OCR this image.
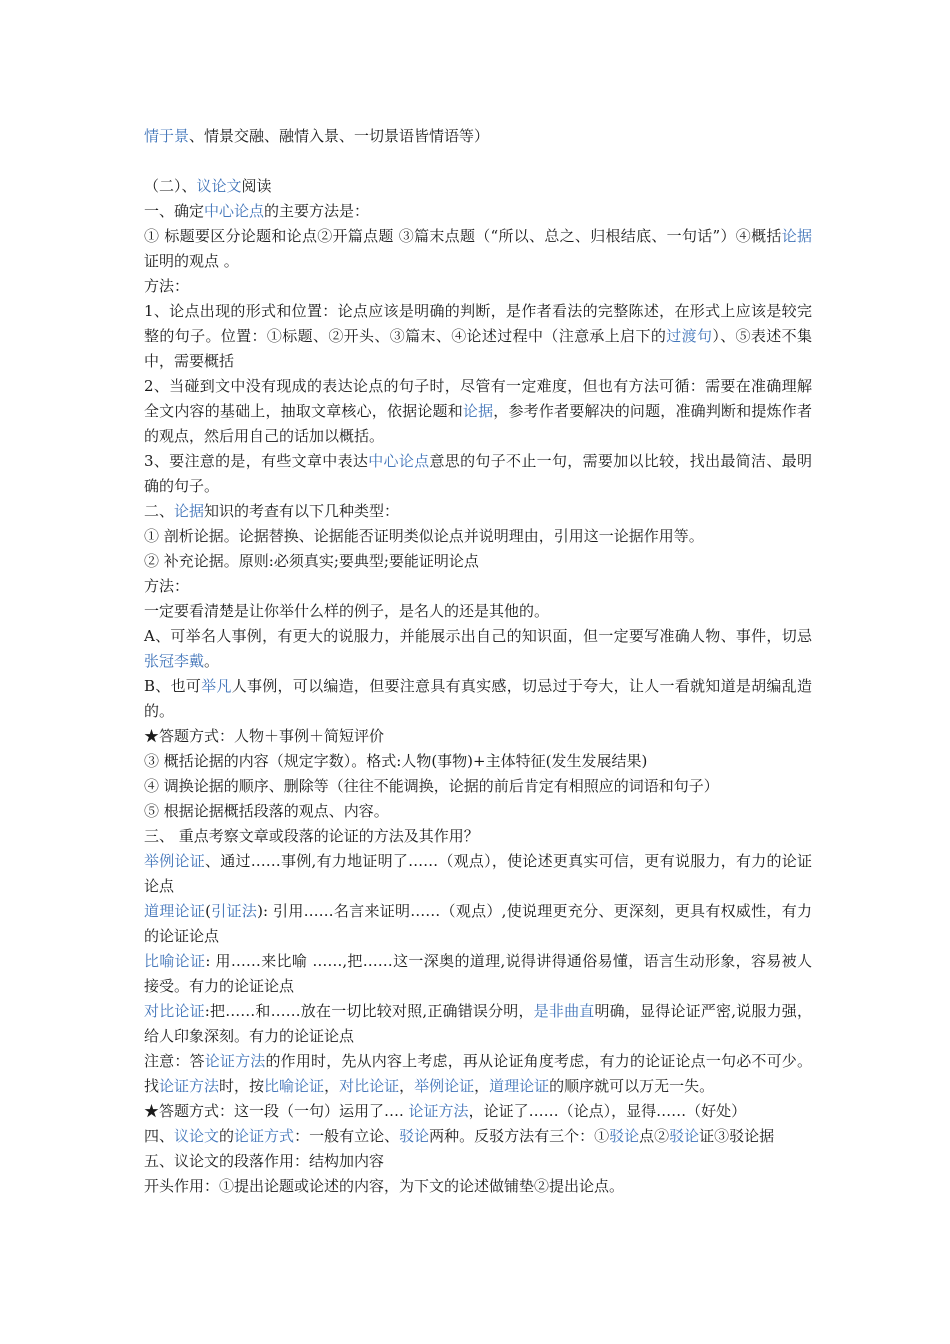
情于景、情景交融、融情入景、一切景语皆情语等）
（二）、议论文阅读
一、确定中心论点的主要方法是：
① 标题要区分论题和论点②开篇点题 ③篇末点题（“所以、总之、归根结底、一句话”）④概括论据证明的观点 。
方法：
1、论点出现的形式和位置：论点应该是明确的判断，是作者看法的完整陈述，在形式上应该是较完整的句子。位置：①标题、②开头、③篇末、④论述过程中（注意承上启下的过渡句）、⑤表述不集中，需要概括
2、当碰到文中没有现成的表达论点的句子时，尽管有一定难度，但也有方法可循：需要在准确理解全文内容的基础上，抽取文章核心，依据论题和论据，参考作者要解决的问题，准确判断和提炼作者的观点，然后用自己的话加以概括。
3、要注意的是，有些文章中表达中心论点意思的句子不止一句，需要加以比较，找出最简洁、最明确的句子。
二、论据知识的考查有以下几种类型：
① 剖析论据。论据替换、论据能否证明类似论点并说明理由，引用这一论据作用等。
② 补充论据。原则:必须真实;要典型;要能证明论点
方法：
一定要看清楚是让你举什么样的例子，是名人的还是其他的。
A、可举名人事例，有更大的说服力，并能展示出自己的知识面，但一定要写准确人物、事件，切忌张冠李戴。
B、也可举凡人事例，可以编造，但要注意具有真实感，切忌过于夸大，让人一看就知道是胡编乱造的。
★答题方式：人物＋事例＋简短评价
③ 概括论据的内容（规定字数）。格式:人物(事物)+主体特征(发生发展结果)
④ 调换论据的顺序、删除等（往往不能调换，论据的前后肯定有相照应的词语和句子）
⑤ 根据论据概括段落的观点、内容。
三、 重点考察文章或段落的论证的方法及其作用？
举例论证、通过……事例,有力地证明了……（观点），使论述更真实可信，更有说服力，有力的论证论点
道理论证(引证法): 引用……名言来证明……（观点）,使说理更充分、更深刻，更具有权威性，有力的论证论点
比喻论证: 用……来比喻 ……,把……这一深奥的道理,说得讲得通俗易懂，语言生动形象，容易被人接受。有力的论证论点
对比论证:把……和……放在一切比较对照,正确错误分明，是非曲直明确，显得论证严密,说服力强，给人印象深刻。有力的论证论点
注意：答论证方法的作用时，先从内容上考虑，再从论证角度考虑，有力的论证论点一句必不可少。找论证方法时，按比喻论证，对比论证，举例论证，道理论证的顺序就可以万无一失。
★答题方式：这一段（一句）运用了…. 论证方法，论证了……（论点），显得……（好处）
四、议论文的论证方式：一般有立论、驳论两种。反驳方法有三个：①驳论点②驳论证③驳论据
五、议论文的段落作用：结构加内容
开头作用：①提出论题或论述的内容，为下文的论述做铺垫②提出论点。
